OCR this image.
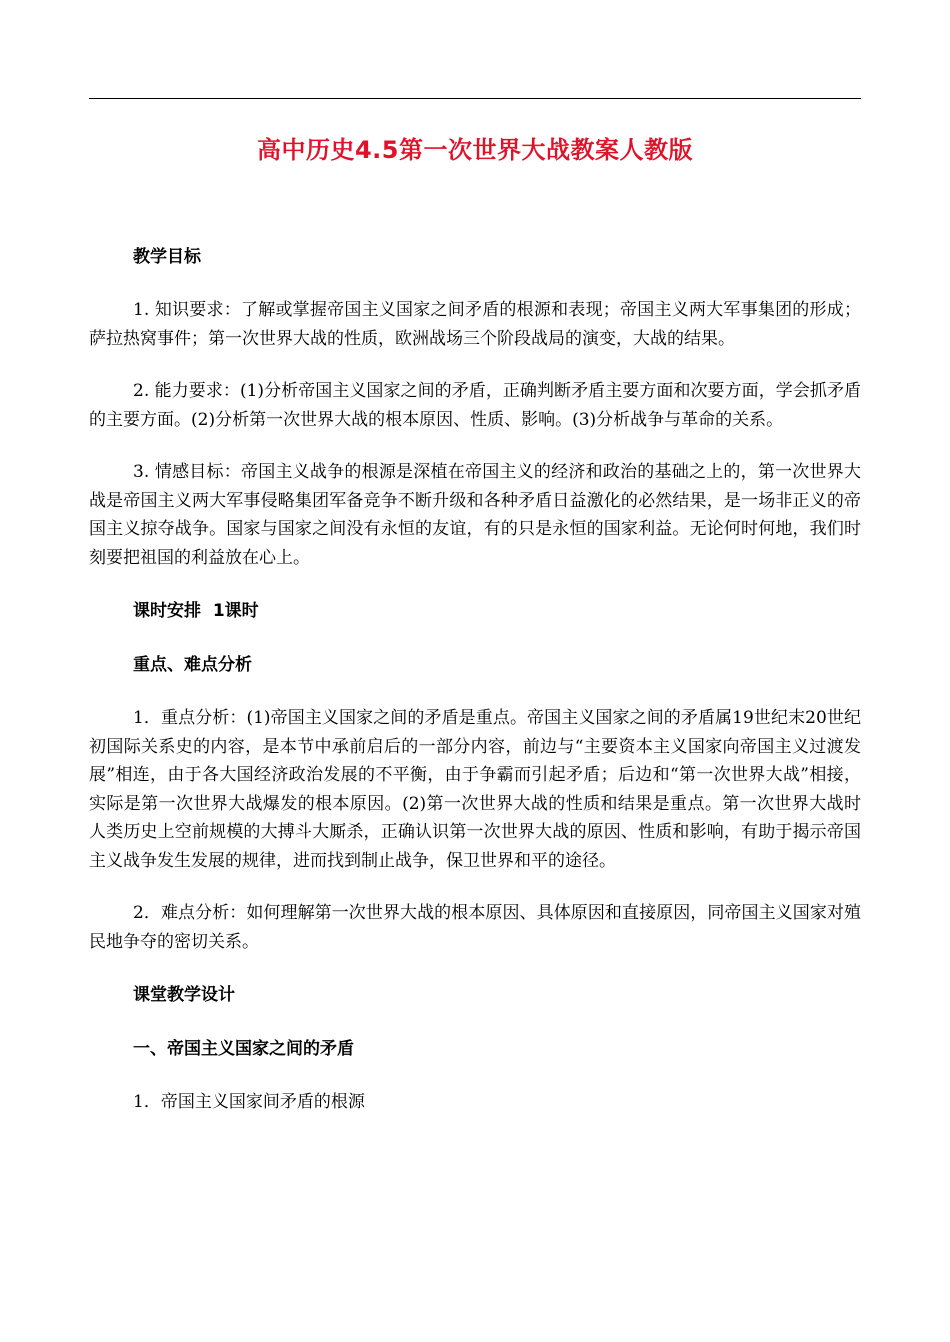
高中历史4.5第一次世界大战教案人教版
教学目标
1. 知识要求：了解或掌握帝国主义国家之间矛盾的根源和表现；帝国主义两大军事集团的形成；萨拉热窝事件；第一次世界大战的性质，欧洲战场三个阶段战局的演变，大战的结果。
2. 能力要求：(1)分析帝国主义国家之间的矛盾，正确判断矛盾主要方面和次要方面，学会抓矛盾的主要方面。(2)分析第一次世界大战的根本原因、性质、影响。(3)分析战争与革命的关系。
3. 情感目标：帝国主义战争的根源是深植在帝国主义的经济和政治的基础之上的，第一次世界大战是帝国主义两大军事侵略集团军备竞争不断升级和各种矛盾日益激化的必然结果，是一场非正义的帝国主义掠夺战争。国家与国家之间没有永恒的友谊，有的只是永恒的国家利益。无论何时何地，我们时刻要把祖国的利益放在心上。
课时安排  1课时
重点、难点分析
1．重点分析：(1)帝国主义国家之间的矛盾是重点。帝国主义国家之间的矛盾属19世纪末20世纪初国际关系史的内容，是本节中承前启后的一部分内容，前边与“主要资本主义国家向帝国主义过渡发展”相连，由于各大国经济政治发展的不平衡，由于争霸而引起矛盾；后边和“第一次世界大战”相接，实际是第一次世界大战爆发的根本原因。(2)第一次世界大战的性质和结果是重点。第一次世界大战时人类历史上空前规模的大搏斗大厮杀，正确认识第一次世界大战的原因、性质和影响，有助于揭示帝国主义战争发生发展的规律，进而找到制止战争，保卫世界和平的途径。
2．难点分析：如何理解第一次世界大战的根本原因、具体原因和直接原因，同帝国主义国家对殖民地争夺的密切关系。
课堂教学设计
一、帝国主义国家之间的矛盾
1．帝国主义国家间矛盾的根源
